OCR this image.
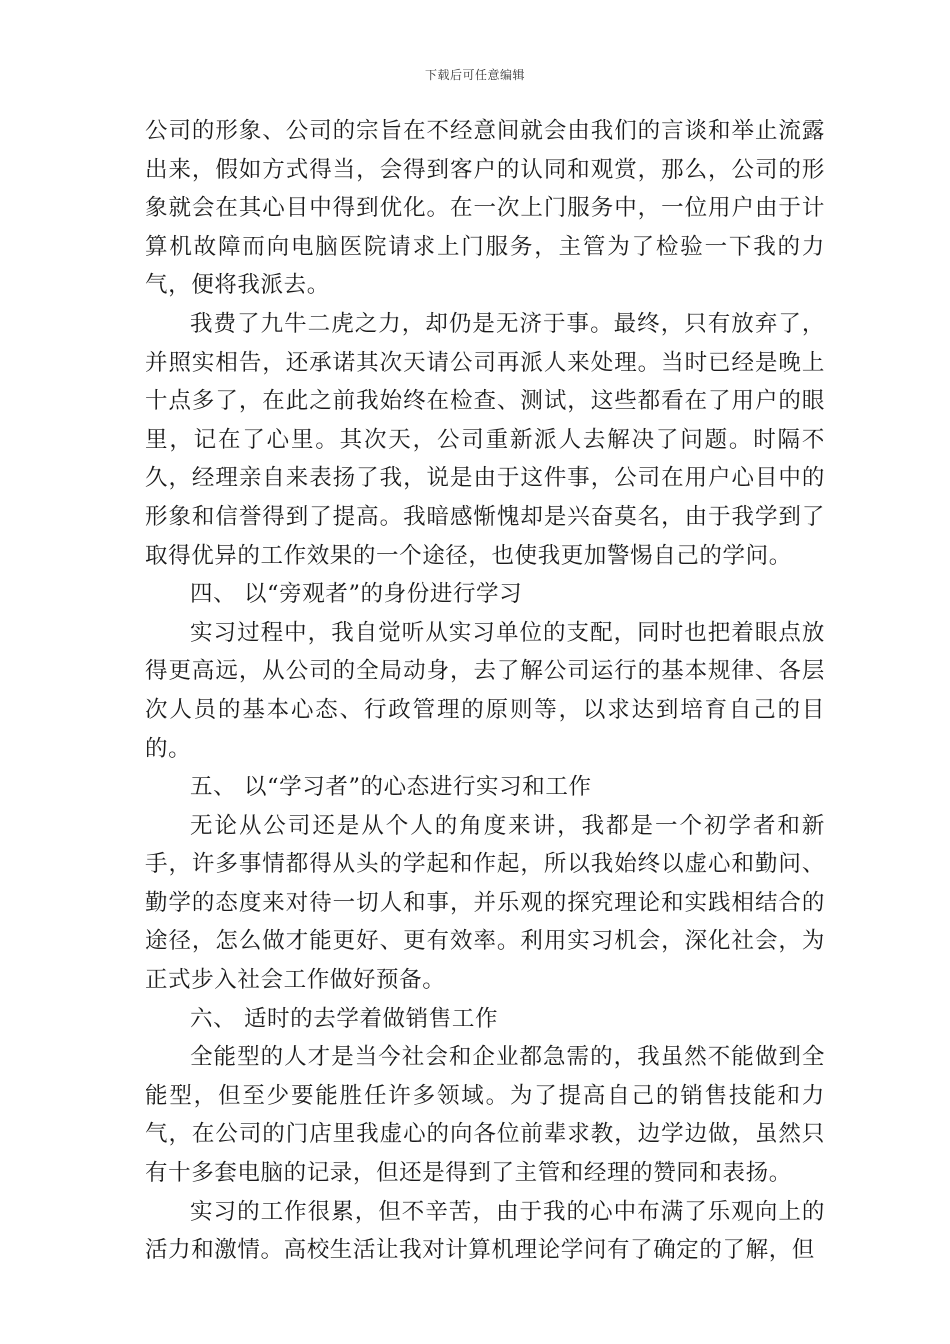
下载后可任意编辑

公司的形象、公司的宗旨在不经意间就会由我们的言谈和举止流露出来，假如方式得当，会得到客户的认同和观赏，那么，公司的形象就会在其心目中得到优化。在一次上门服务中，一位用户由于计算机故障而向电脑医院请求上门服务，主管为了检验一下我的力气，便将我派去。

我费了九牛二虎之力，却仍是无济于事。最终，只有放弃了，并照实相告，还承诺其次天请公司再派人来处理。当时已经是晚上十点多了，在此之前我始终在检查、测试，这些都看在了用户的眼里，记在了心里。其次天，公司重新派人去解决了问题。时隔不久，经理亲自来表扬了我，说是由于这件事，公司在用户心目中的形象和信誉得到了提高。我暗感惭愧却是兴奋莫名，由于我学到了取得优异的工作效果的一个途径，也使我更加警惕自己的学问。

四、 以“旁观者”的身份进行学习

实习过程中，我自觉听从实习单位的支配，同时也把着眼点放得更高远，从公司的全局动身，去了解公司运行的基本规律、各层次人员的基本心态、行政管理的原则等，以求达到培育自己的目的。

五、 以“学习者”的心态进行实习和工作

无论从公司还是从个人的角度来讲，我都是一个初学者和新手，许多事情都得从头的学起和作起，所以我始终以虚心和勤问、勤学的态度来对待一切人和事，并乐观的探究理论和实践相结合的途径，怎么做才能更好、更有效率。利用实习机会，深化社会，为正式步入社会工作做好预备。

六、 适时的去学着做销售工作

全能型的人才是当今社会和企业都急需的，我虽然不能做到全能型，但至少要能胜任许多领域。为了提高自己的销售技能和力气，在公司的门店里我虚心的向各位前辈求教，边学边做，虽然只有十多套电脑的记录，但还是得到了主管和经理的赞同和表扬。

实习的工作很累，但不辛苦，由于我的心中布满了乐观向上的活力和激情。高校生活让我对计算机理论学问有了确定的了解，但
